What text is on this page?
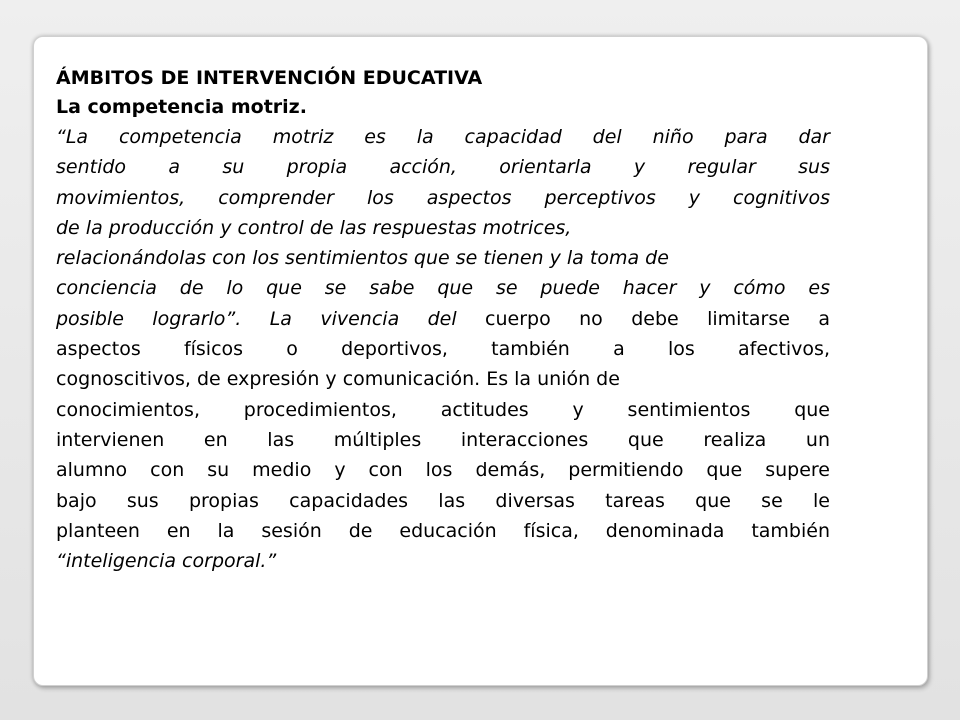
ÁMBITOS DE INTERVENCIÓN EDUCATIVA

La competencia motriz.

“La competencia motriz es la capacidad del niño para dar
sentido a su propia acción, orientarla y regular sus
movimientos, comprender los aspectos perceptivos y cognitivos
de la producción y control de las respuestas motrices,
relacionándolas con los sentimientos que se tienen y la toma de
conciencia de lo que se sabe que se puede hacer y cómo es
posible lograrlo”. La vivencia del cuerpo no debe limitarse a
aspectos físicos o deportivos, también a los afectivos,
cognoscitivos, de expresión y comunicación. Es la unión de
conocimientos, procedimientos, actitudes y sentimientos que
intervienen en las múltiples interacciones que realiza un
alumno con su medio y con los demás, permitiendo que supere
bajo sus propias capacidades las diversas tareas que se le
planteen en la sesión de educación física, denominada también
“inteligencia corporal.”
